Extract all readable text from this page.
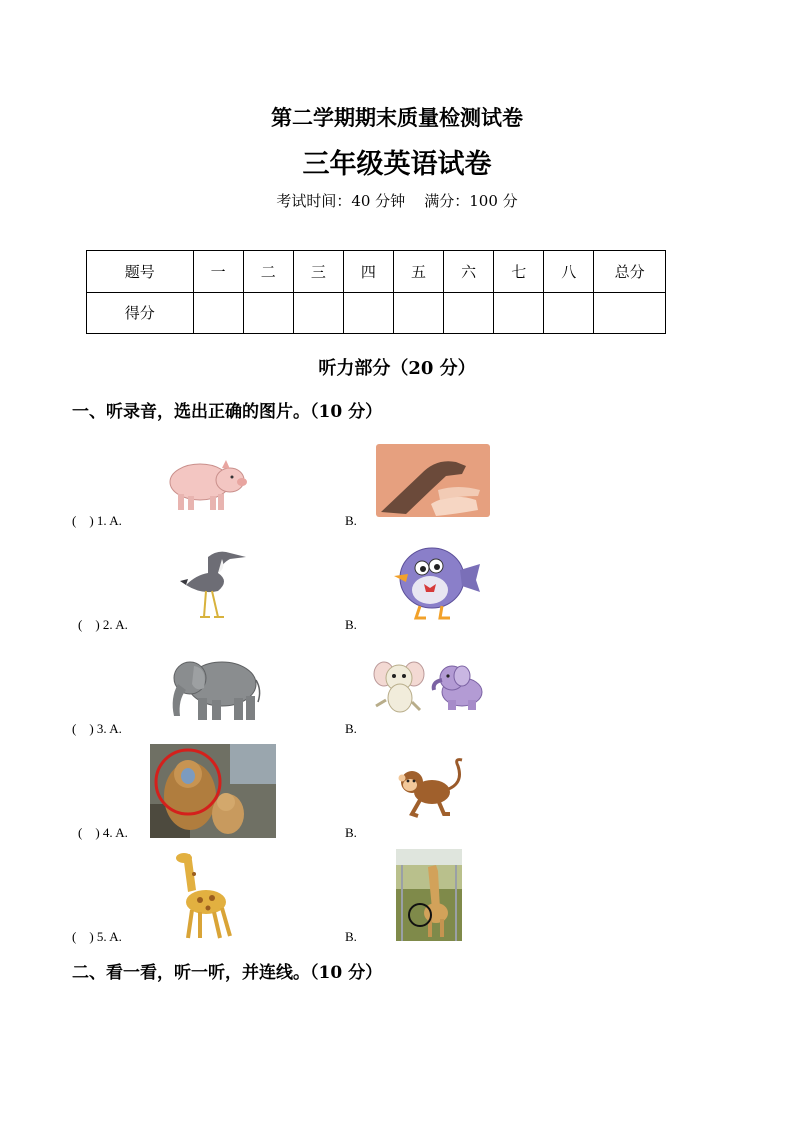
第二学期期末质量检测试卷
三年级英语试卷
考试时间：40 分钟    满分：100 分
题号	一	二	三	四	五	六	七	八	总分
得分									
听力部分（20 分）
一、听录音，选出正确的图片。（10 分）
(    ) 1. A.	B.
(    ) 2. A.	B.
(    ) 3. A.	B.
(    ) 4. A.	B.
(    ) 5. A.	B.
二、看一看，听一听，并连线。（10 分）
